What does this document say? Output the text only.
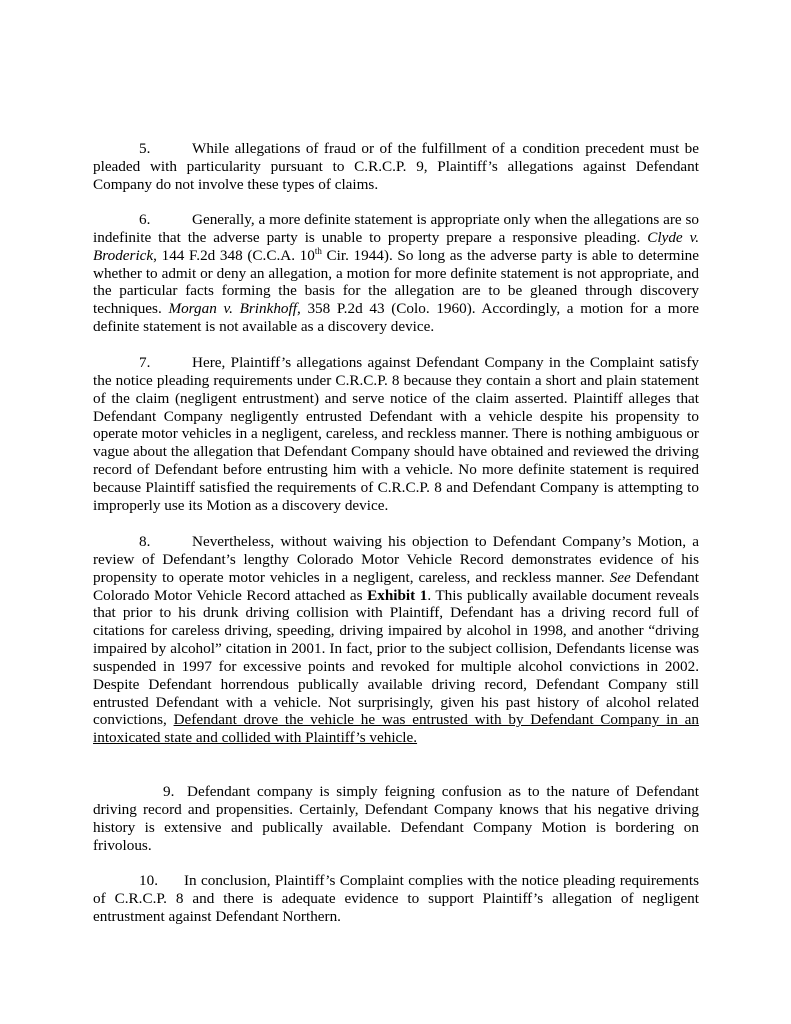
5.	While allegations of fraud or of the fulfillment of a condition precedent must be pleaded with particularity pursuant to C.R.C.P. 9, Plaintiff’s allegations against Defendant Company do not involve these types of claims.

6.	Generally, a more definite statement is appropriate only when the allegations are so indefinite that the adverse party is unable to property prepare a responsive pleading. Clyde v. Broderick, 144 F.2d 348 (C.C.A. 10th Cir. 1944). So long as the adverse party is able to determine whether to admit or deny an allegation, a motion for more definite statement is not appropriate, and the particular facts forming the basis for the allegation are to be gleaned through discovery techniques. Morgan v. Brinkhoff, 358 P.2d 43 (Colo. 1960). Accordingly, a motion for a more definite statement is not available as a discovery device.

7.	Here, Plaintiff’s allegations against Defendant Company in the Complaint satisfy the notice pleading requirements under C.R.C.P. 8 because they contain a short and plain statement of the claim (negligent entrustment) and serve notice of the claim asserted. Plaintiff alleges that Defendant Company negligently entrusted Defendant with a vehicle despite his propensity to operate motor vehicles in a negligent, careless, and reckless manner. There is nothing ambiguous or vague about the allegation that Defendant Company should have obtained and reviewed the driving record of Defendant before entrusting him with a vehicle. No more definite statement is required because Plaintiff satisfied the requirements of C.R.C.P. 8 and Defendant Company is attempting to improperly use its Motion as a discovery device.

8.	Nevertheless, without waiving his objection to Defendant Company’s Motion, a review of Defendant’s lengthy Colorado Motor Vehicle Record demonstrates evidence of his propensity to operate motor vehicles in a negligent, careless, and reckless manner. See Defendant Colorado Motor Vehicle Record attached as Exhibit 1. This publically available document reveals that prior to his drunk driving collision with Plaintiff, Defendant has a driving record full of citations for careless driving, speeding, driving impaired by alcohol in 1998, and another “driving impaired by alcohol” citation in 2001. In fact, prior to the subject collision, Defendants license was suspended in 1997 for excessive points and revoked for multiple alcohol convictions in 2002. Despite Defendant horrendous publically available driving record, Defendant Company still entrusted Defendant with a vehicle. Not surprisingly, given his past history of alcohol related convictions, Defendant drove the vehicle he was entrusted with by Defendant Company in an intoxicated state and collided with Plaintiff’s vehicle.

9. Defendant company is simply feigning confusion as to the nature of Defendant driving record and propensities. Certainly, Defendant Company knows that his negative driving history is extensive and publically available. Defendant Company Motion is bordering on frivolous.

10. In conclusion, Plaintiff’s Complaint complies with the notice pleading requirements of C.R.C.P. 8 and there is adequate evidence to support Plaintiff’s allegation of negligent entrustment against Defendant Northern.
